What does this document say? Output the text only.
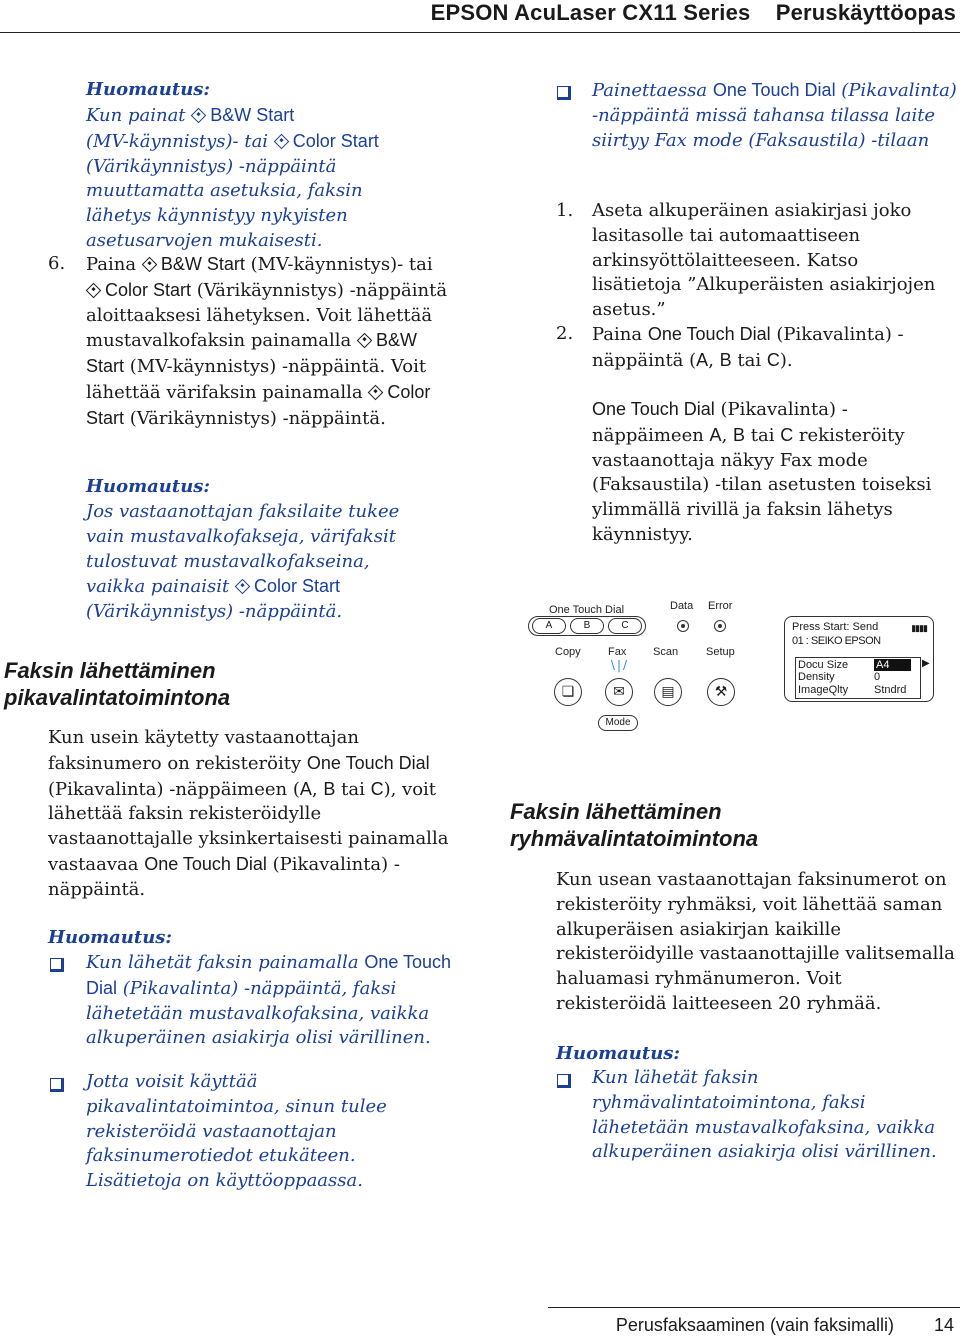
EPSON AcuLaser CX11 Series    Peruskäyttöopas
Huomautus:
Kun painat B&W Start
(MV-käynnistys)- tai Color Start
(Värikäynnistys) -näppäintä muuttamatta asetuksia, faksin lähetys käynnistyy nykyisten asetusarvojen mukaisesti.
6. Paina B&W Start (MV-käynnistys)- tai
Color Start (Värikäynnistys) -näppäintä aloittaaksesi lähetyksen. Voit lähettää mustavalkofaksin painamalla B&W Start (MV-käynnistys) -näppäintä. Voit lähettää värifaksin painamalla Color Start (Värikäynnistys) -näppäintä.
Huomautus:
Jos vastaanottajan faksilaite tukee vain mustavalkofakseja, värifaksit tulostuvat mustavalkofakseina, vaikka painaisit Color Start (Värikäynnistys) -näppäintä.
Faksin lähettäminen pikavalintatoimintona
Kun usein käytetty vastaanottajan faksinumero on rekisteröity One Touch Dial (Pikavalinta) -näppäimeen (A, B tai C), voit lähettää faksin rekisteröidylle vastaanottajalle yksinkertaisesti painamalla vastaavaa One Touch Dial (Pikavalinta) -näppäintä.
Huomautus:
Kun lähetät faksin painamalla One Touch Dial (Pikavalinta) -näppäintä, faksi lähetetään mustavalkofaksina, vaikka alkuperäinen asiakirja olisi värillinen.
Jotta voisit käyttää pikavalintatoimintoa, sinun tulee rekisteröidä vastaanottajan faksinumerotiedot etukäteen. Lisätietoja on käyttöoppaassa.
Painettaessa One Touch Dial (Pikavalinta) -näppäintä missä tahansa tilassa laite siirtyy Fax mode (Faksaustila) -tilaan
1. Aseta alkuperäinen asiakirjasi joko lasitasolle tai automaattiseen arkinsyöttölaitteeseen. Katso lisätietoja ”Alkuperäisten asiakirjojen asetus.”
2. Paina One Touch Dial (Pikavalinta) -näppäintä (A, B tai C).
One Touch Dial (Pikavalinta) -näppäimeen A, B tai C rekisteröity vastaanottaja näkyy Fax mode (Faksaustila) -tilan asetusten toiseksi ylimmällä rivillä ja faksin lähetys käynnistyy.
One Touch Dial
A	B	C
Data Error
Copy Fax Scan	Setup
❏	✉
\|/
▤	⚒
Mode
Press Start: Send	▮▮▮▮
01 : SEIKO EPSON
Docu Size	A4	▶
Density	0
ImageQlty Stndrd
Faksin lähettäminen ryhmävalintatoimintona
Kun usean vastaanottajan faksinumerot on rekisteröity ryhmäksi, voit lähettää saman alkuperäisen asiakirjan kaikille rekisteröidyille vastaanottajille valitsemalla haluamasi ryhmänumeron. Voit rekisteröidä laitteeseen 20 ryhmää.
Huomautus:
Kun lähetät faksin ryhmävalintatoimintona, faksi lähetetään mustavalkofaksina, vaikka alkuperäinen asiakirja olisi värillinen.
Perusfaksaaminen (vain faksimalli) 14
